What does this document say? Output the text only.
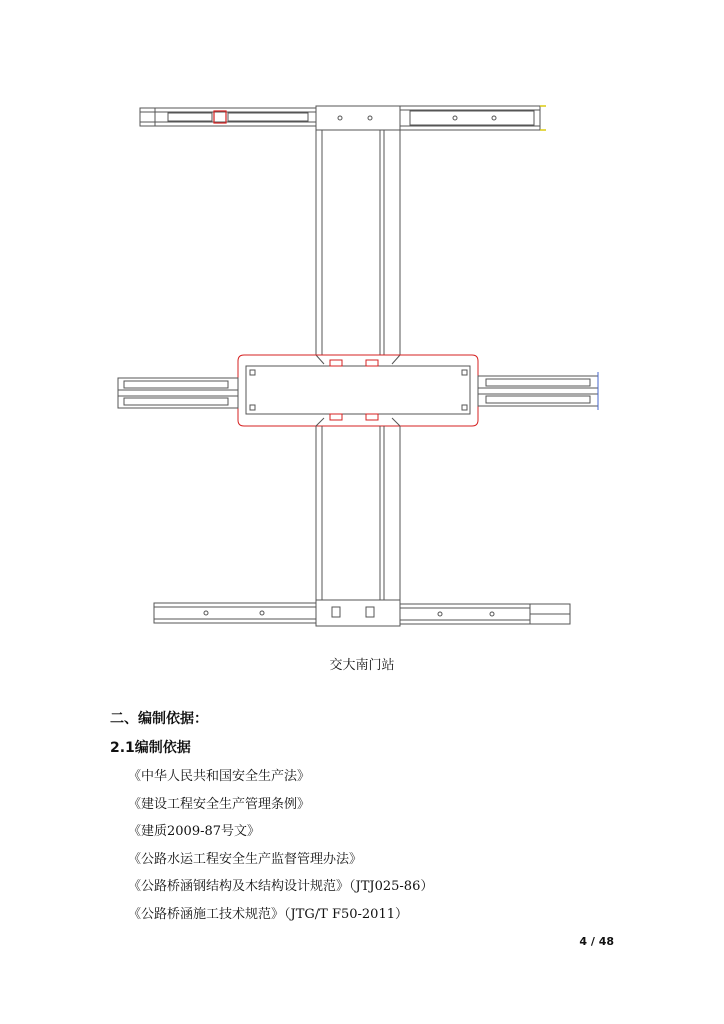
交大南门站
二、编制依据：
2.1编制依据
《中华人民共和国安全生产法》
《建设工程安全生产管理条例》
《建质2009-87号文》
《公路水运工程安全生产监督管理办法》
《公路桥涵钢结构及木结构设计规范》（JTJ025-86）
《公路桥涵施工技术规范》（JTG/T F50-2011）
4 / 48
